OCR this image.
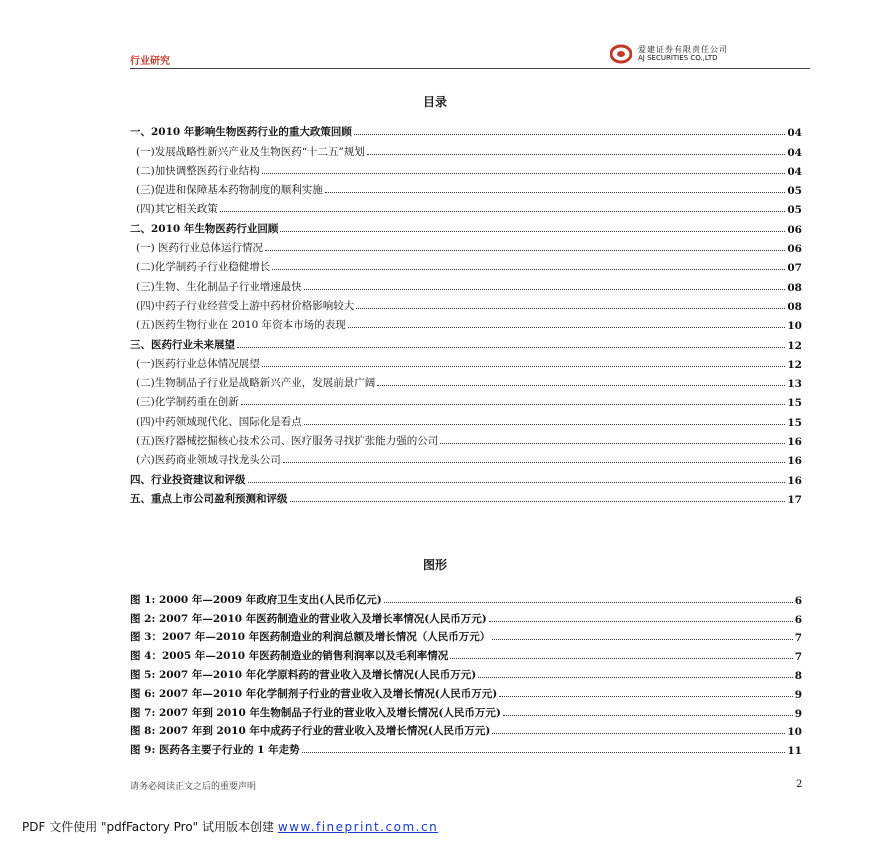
行业研究
爱建证券有限责任公司
AJ SECURITIES CO.,LTD
目录
一、2010 年影响生物医药行业的重大政策回顾	04
(一)发展战略性新兴产业及生物医药“十二五”规划	04
(二)加快调整医药行业结构	04
(三)促进和保障基本药物制度的顺利实施	05
(四)其它相关政策	05
二、2010 年生物医药行业回顾	06
(一) 医药行业总体运行情况	06
(二)化学制药子行业稳健增长	07
(三)生物、生化制品子行业增速最快	08
(四)中药子行业经营受上游中药材价格影响较大	08
(五)医药生物行业在 2010 年资本市场的表现	10
三、医药行业未来展望	12
(一)医药行业总体情况展望	12
(二)生物制品子行业是战略新兴产业，发展前景广阔	13
(三)化学制药重在创新	15
(四)中药领域现代化、国际化是看点	15
(五)医疗器械挖掘核心技术公司、医疗服务寻找扩张能力强的公司	16
(六)医药商业领域寻找龙头公司	16
四、行业投资建议和评级	16
五、重点上市公司盈利预测和评级	17
图形
图 1: 2000 年—2009 年政府卫生支出(人民币亿元)	6
图 2: 2007 年—2010 年医药制造业的营业收入及增长率情况(人民币万元)	6
图 3：2007 年—2010 年医药制造业的利润总额及增长情况（人民币万元）	7
图 4：2005 年—2010 年医药制造业的销售利润率以及毛利率情况	7
图 5: 2007 年—2010 年化学原料药的营业收入及增长情况(人民币万元)	8
图 6: 2007 年—2010 年化学制剂子行业的营业收入及增长情况(人民币万元)	9
图 7: 2007 年到 2010 年生物制品子行业的营业收入及增长情况(人民币万元)	9
图 8: 2007 年到 2010 年中成药子行业的营业收入及增长情况(人民币万元)	10
图 9: 医药各主要子行业的 1 年走势	11
请务必阅读正文之后的重要声明	2
PDF 文件使用 "pdfFactory Pro" 试用版本创建 www.fineprint.com.cn
